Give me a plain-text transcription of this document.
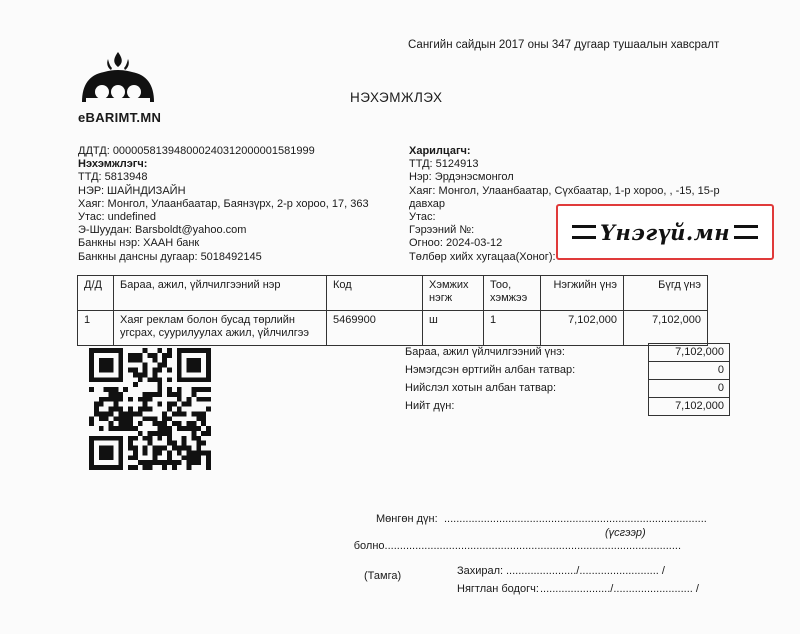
Сангийн сайдын 2017 оны 347 дугаар тушаалын хавсралт
eBARIMT.MN
НЭХЭМЖЛЭХ
ДДТД: 000005813948000240312000001581999
Нэхэмжлэгч:
ТТД: 5813948
НЭР: ШАЙНДИЗАЙН
Хаяг: Монгол, Улаанбаатар, Баянзүрх, 2-р хороо, 17, 363
Утас: undefined
Э-Шуудан: Barsboldt@yahoo.com
Банкны нэр: ХААН банк
Банкны дансны дугаар: 5018492145
Харилцагч:
ТТД: 5124913
Нэр: Эрдэнэсмонгол
Хаяг: Монгол, Улаанбаатар, Сүхбаатар, 1-р хороо, , -15, 15-р
давхар
Утас:
Гэрээний №:
Огноо: 2024-03-12
Төлбөр хийх хугацаа(Хоног):
Үнэгүй.мн
Д/Д	Бараа, ажил, үйлчилгээний нэр	Код	Хэмжих нэгж	Тоо, хэмжээ	Нэгжийн үнэ	Бүгд үнэ
1	Хаяг реклам болон бусад төрлийн угсрах, суурилуулах ажил, үйлчилгээ	5469900	ш	1	7,102,000	7,102,000
Бараа, ажил үйлчилгээний үнэ:	7,102,000
Нэмэгдсэн өртгийн албан татвар:	0
Нийслэл хотын албан татвар:	0
Нийт дүн:	7,102,000
Мөнгөн дүн: ......................................................................................
(үсгээр)
.................................................................................................болно
(Тамга)	Захирал: ......................./.......................... /
Нягтлан бодогч: ......................./.......................... /
